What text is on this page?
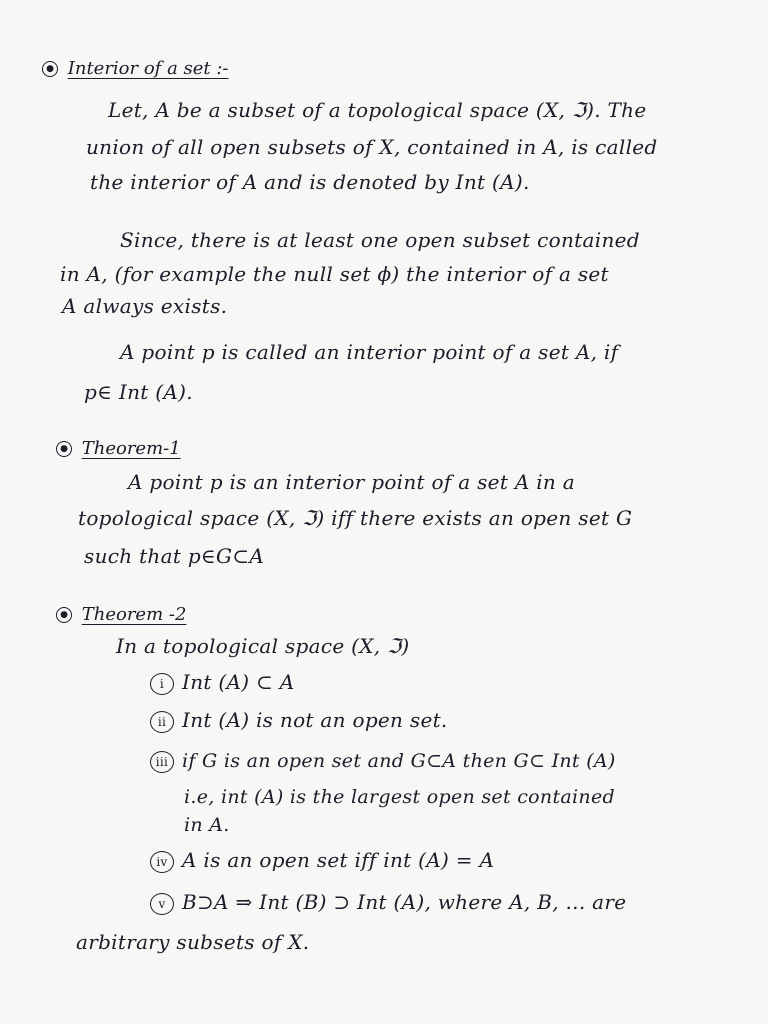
● Interior of a set :-
Let, A be a subset of a topological space (X, ℑ). The
union of all open subsets of X, contained in A, is called
the interior of A and is denoted by Int (A).
Since, there is at least one open subset contained
in A, (for example the null set ϕ) the interior of a set
A always exists.
A point p is called an interior point of a set A, if
p∈ Int (A).
● Theorem-1
A point p is an interior point of a set A in a
topological space (X, ℑ) iff there exists an open set G
such that p∈G⊂A
● Theorem -2
In a topological space (X, ℑ)
i Int (A) ⊂ A
ii Int (A) is not an open set.
iii if G is an open set and G⊂A then G⊂ Int (A)
i.e, int (A) is the largest open set contained
in A.
iv A is an open set iff int (A) = A
v B⊃A ⇒ Int (B) ⊃ Int (A), where A, B, ... are
arbitrary subsets of X.
